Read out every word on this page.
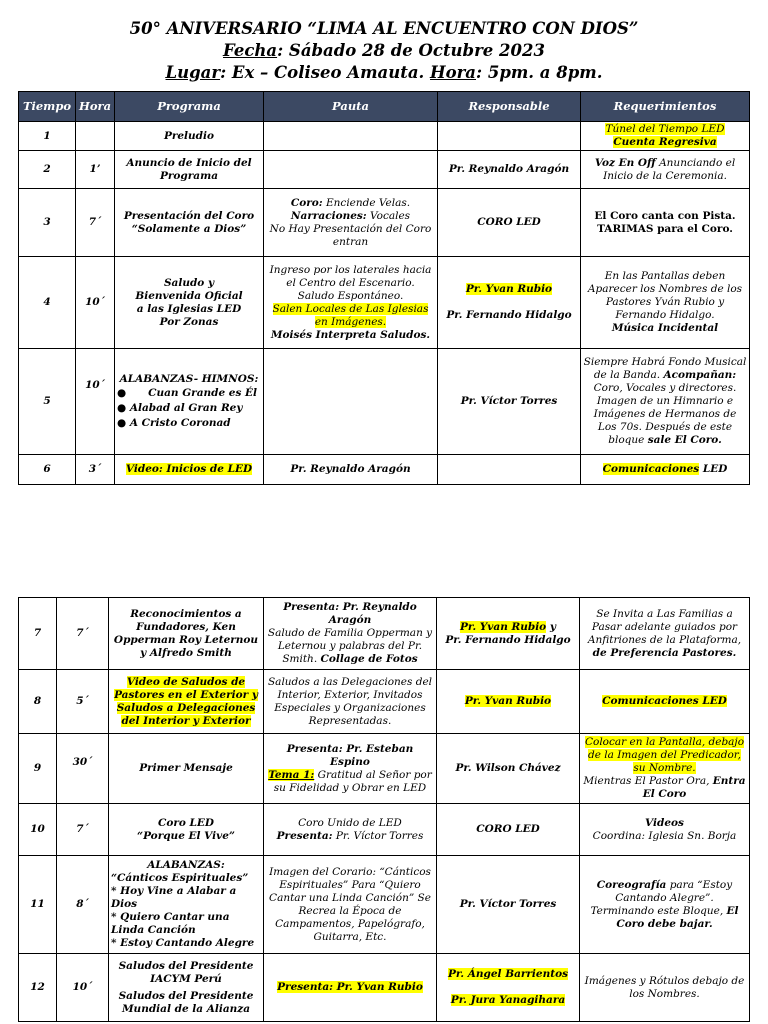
50° ANIVERSARIO “LIMA AL ENCUENTRO CON DIOS”
Fecha: Sábado 28 de Octubre 2023
Lugar: Ex – Coliseo Amauta. Hora: 5pm. a 8pm.
Tiempo	Hora	Programa	Pauta	Responsable	Requerimientos
1		Preludio			Túnel del Tiempo LED
Cuenta Regresiva
2	1’	Anuncio de Inicio del Programa		Pr. Reynaldo Aragón	Voz En Off Anunciando el Inicio de la Ceremonia.
3	7´	Presentación del Coro
“Solamente a Dios”	Coro: Enciende Velas.
Narraciones: Vocales
No Hay Presentación del Coro entran	CORO LED	El Coro canta con Pista.
TARIMAS para el Coro.

4	10´	Saludo y
Bienvenida Oficial
a las Iglesias LED
Por Zonas	Ingreso por los laterales hacia el Centro del Escenario.
Saludo Espontáneo.
Salen Locales de Las Iglesias en Imágenes.
Moisés Interpreta Saludos.	Pr. Yvan Rubio

Pr. Fernando Hidalgo	En las Pantallas deben Aparecer los Nombres de los Pastores Yván Rubio y Fernando Hidalgo.
Música Incidental

5	10´	ALABANZAS- HIMNOS:
● Cuan Grande es Él
● Alabad al Gran Rey
● A Cristo Coronad		Pr. Víctor Torres	Siempre Habrá Fondo Musical de la Banda. Acompañan: Coro, Vocales y directores. Imagen de un Himnario e Imágenes de Hermanos de Los 70s. Después de este bloque sale El Coro.
6	3´	Video: Inicios de LED	Pr. Reynaldo Aragón		Comunicaciones LED
7	7´	Reconocimientos a Fundadores, Ken Opperman Roy Leternou y Alfredo Smith	Presenta: Pr. Reynaldo Aragón
Saludo de Familia Opperman y Leternou y palabras del Pr. Smith. Collage de Fotos	Pr. Yvan Rubio y
Pr. Fernando Hidalgo	Se Invita a Las Familias a Pasar adelante guiados por Anfitriones de la Plataforma, de Preferencia Pastores.
8	5´	Video de Saludos de Pastores en el Exterior y Saludos a Delegaciones del Interior y Exterior	Saludos a las Delegaciones del Interior, Exterior, Invitados Especiales y Organizaciones Representadas.	Pr. Yvan Rubio	Comunicaciones LED
9	30´	Primer Mensaje	Presenta: Pr. Esteban Espino
Tema 1: Gratitud al Señor por su Fidelidad y Obrar en LED	Pr. Wilson Chávez	Colocar en la Pantalla, debajo de la Imagen del Predicador, su Nombre.
Mientras El Pastor Ora, Entra El Coro
10	7´	Coro LED
“Porque El Vive”	Coro Unido de LED
Presenta: Pr. Víctor Torres	CORO LED	Videos
Coordina: Iglesia Sn. Borja

11	8´	ALABANZAS:
“Cánticos Espirituales”
* Hoy Vine a Alabar a Dios
* Quiero Cantar una Linda Canción
* Estoy Cantando Alegre	Imagen del Corario: “Cánticos Espirituales” Para “Quiero Cantar una Linda Canción” Se Recrea la Época de Campamentos, Papelógrafo, Guitarra, Etc.	Pr. Víctor Torres	Coreografía para “Estoy Cantando Alegre”. Terminando este Bloque, El Coro debe bajar.
12	10´	Saludos del Presidente IACYM Perú
Saludos del Presidente Mundial de la Alianza	Presenta: Pr. Yvan Rubio	Pr. Ángel Barrientos

Pr. Jura Yanagihara	Imágenes y Rótulos debajo de los Nombres.
